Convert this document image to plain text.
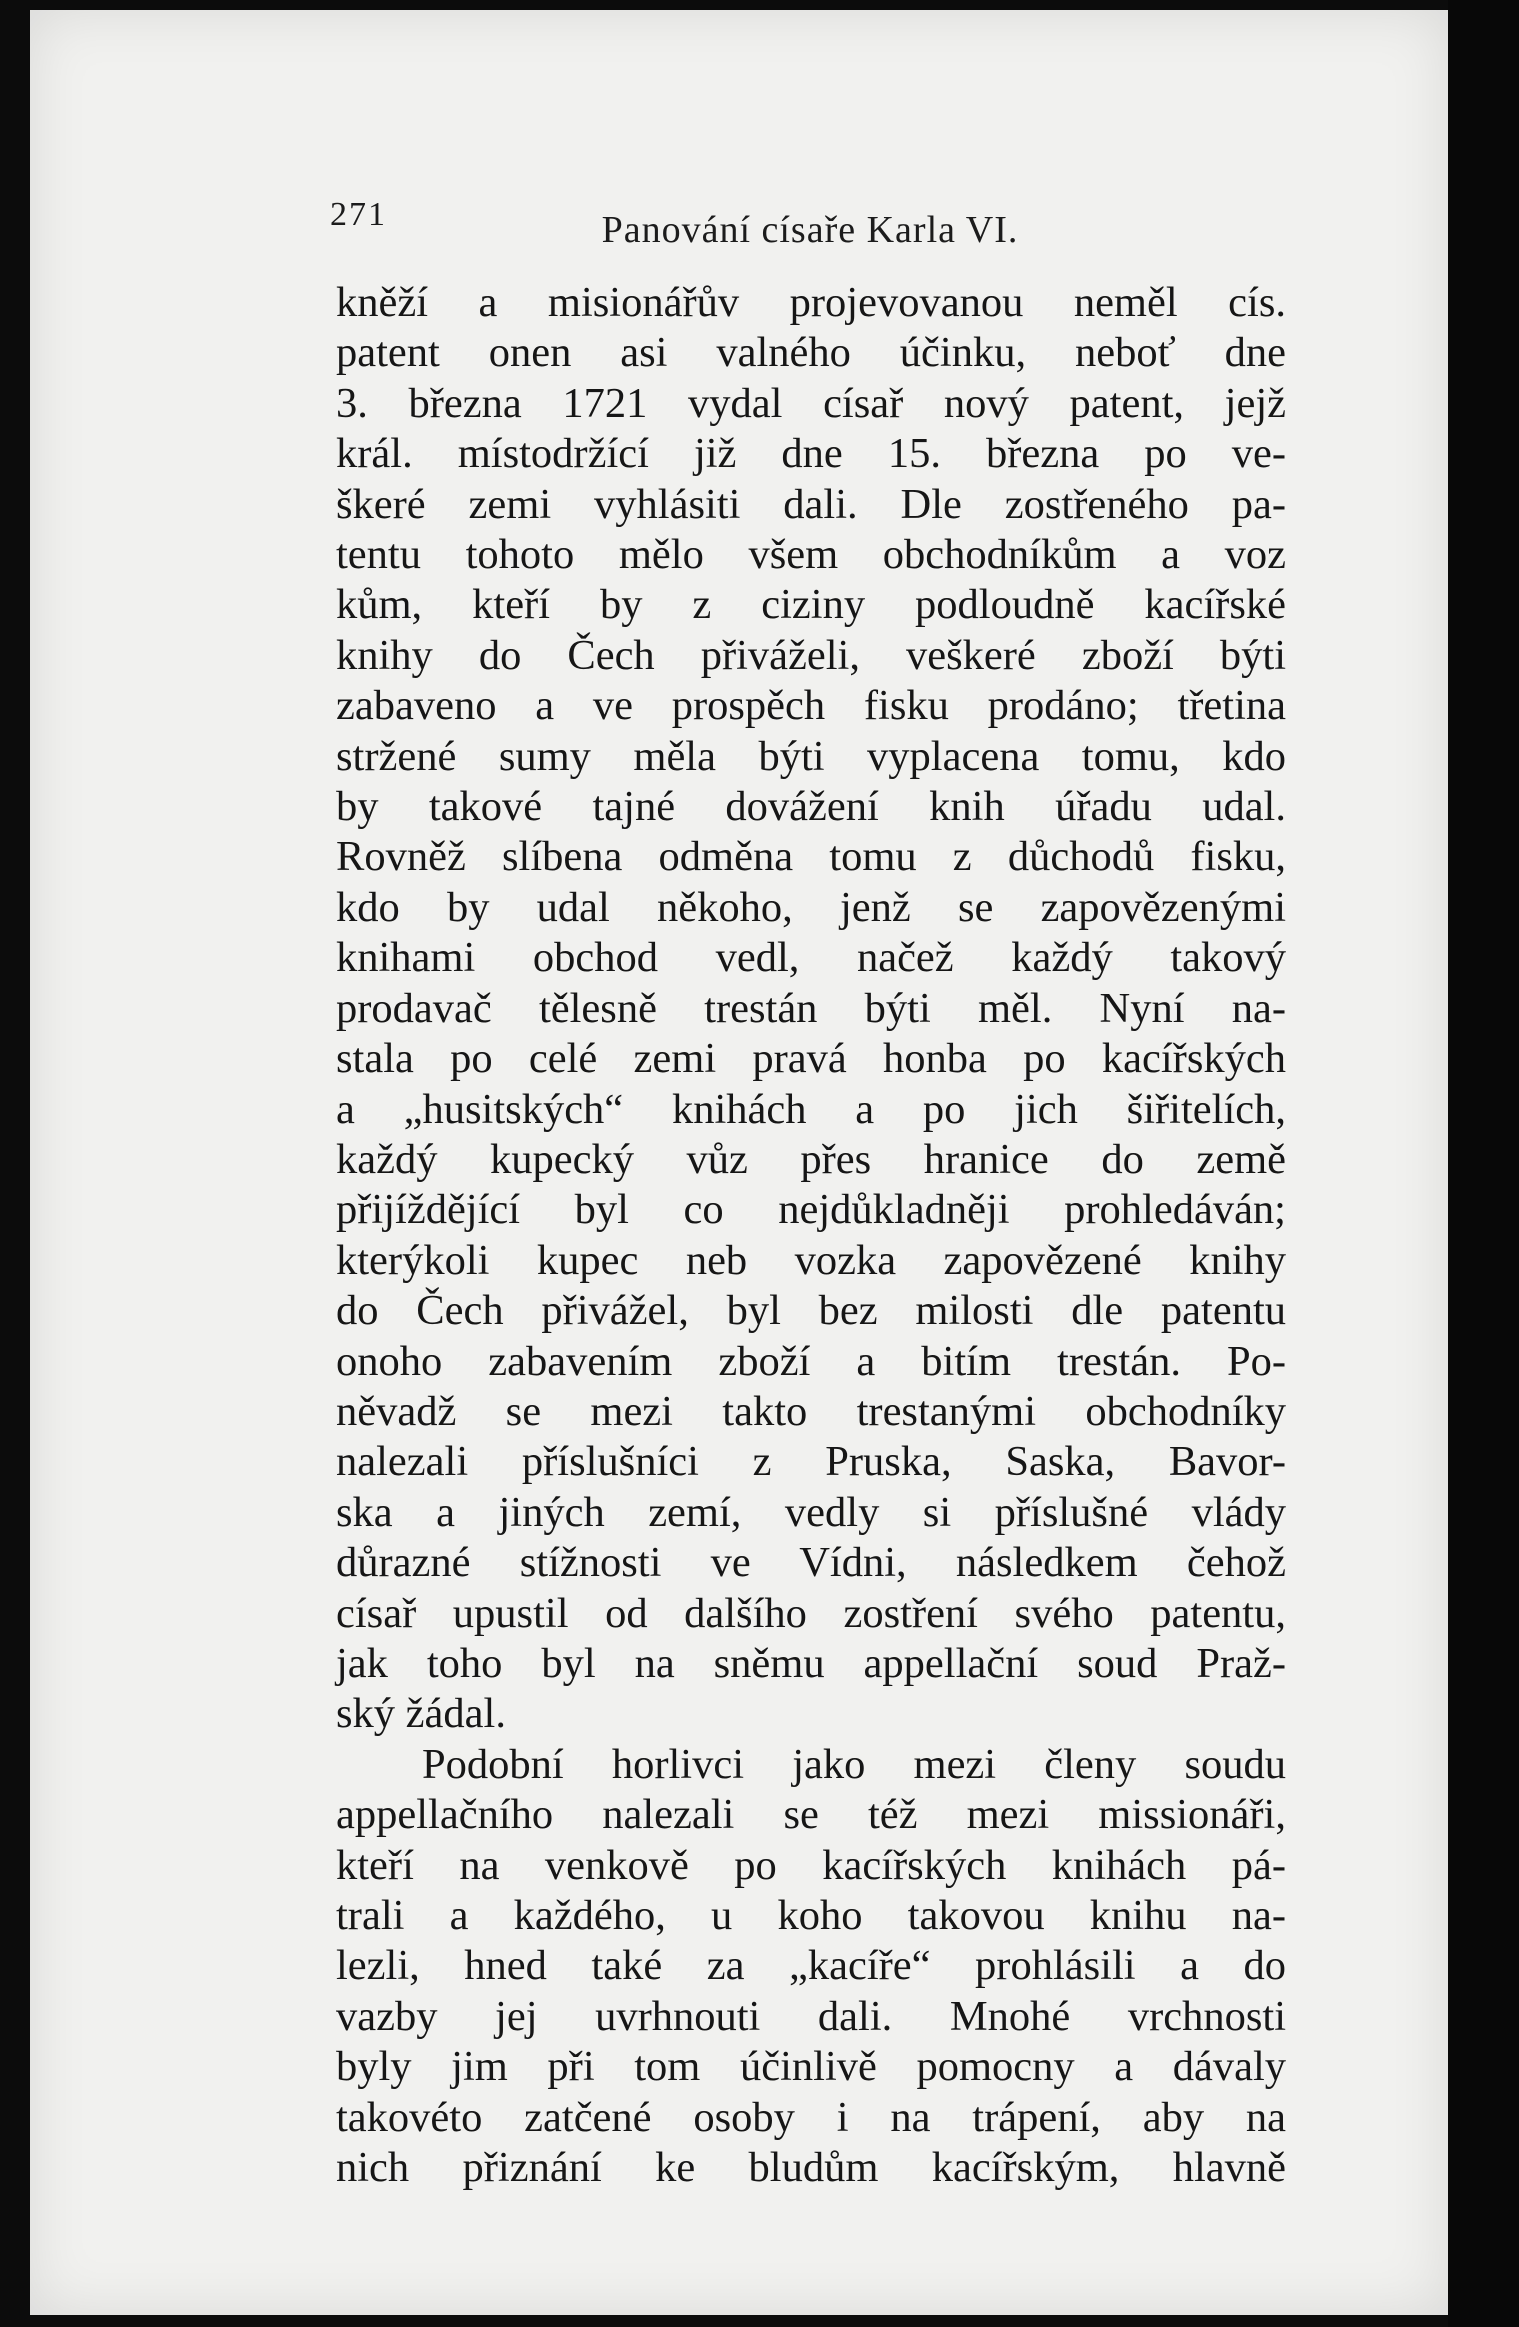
271	Panování císaře Karla VI.
kněží a misionářův projevovanou neměl cís.
patent onen asi valného účinku, neboť dne
3. března 1721 vydal císař nový patent, jejž
král. místodržící již dne 15. března po ve-
škeré zemi vyhlásiti dali. Dle zostřeného pa-
tentu tohoto mělo všem obchodníkům a voz
kům, kteří by z ciziny podloudně kacířské
knihy do Čech přiváželi, veškeré zboží býti
zabaveno a ve prospěch fisku prodáno; třetina
stržené sumy měla býti vyplacena tomu, kdo
by takové tajné dovážení knih úřadu udal.
Rovněž slíbena odměna tomu z důchodů fisku,
kdo by udal někoho, jenž se zapovězenými
knihami obchod vedl, načež každý takový
prodavač tělesně trestán býti měl. Nyní na-
stala po celé zemi pravá honba po kacířských
a „husitských“ knihách a po jich šiřitelích,
každý kupecký vůz přes hranice do země
přijíždějící byl co nejdůkladněji prohledáván;
kterýkoli kupec neb vozka zapovězené knihy
do Čech přivážel, byl bez milosti dle patentu
onoho zabavením zboží a bitím trestán. Po-
něvadž se mezi takto trestanými obchodníky
nalezali příslušníci z Pruska, Saska, Bavor-
ska a jiných zemí, vedly si příslušné vlády
důrazné stížnosti ve Vídni, následkem čehož
císař upustil od dalšího zostření svého patentu,
jak toho byl na sněmu appellační soud Praž-
ský žádal.
Podobní horlivci jako mezi členy soudu
appellačního nalezali se též mezi missionáři,
kteří na venkově po kacířských knihách pá-
trali a každého, u koho takovou knihu na-
lezli, hned také za „kacíře“ prohlásili a do
vazby jej uvrhnouti dali. Mnohé vrchnosti
byly jim při tom účinlivě pomocny a dávaly
takovéto zatčené osoby i na trápení, aby na
nich přiznání ke bludům kacířským, hlavně
